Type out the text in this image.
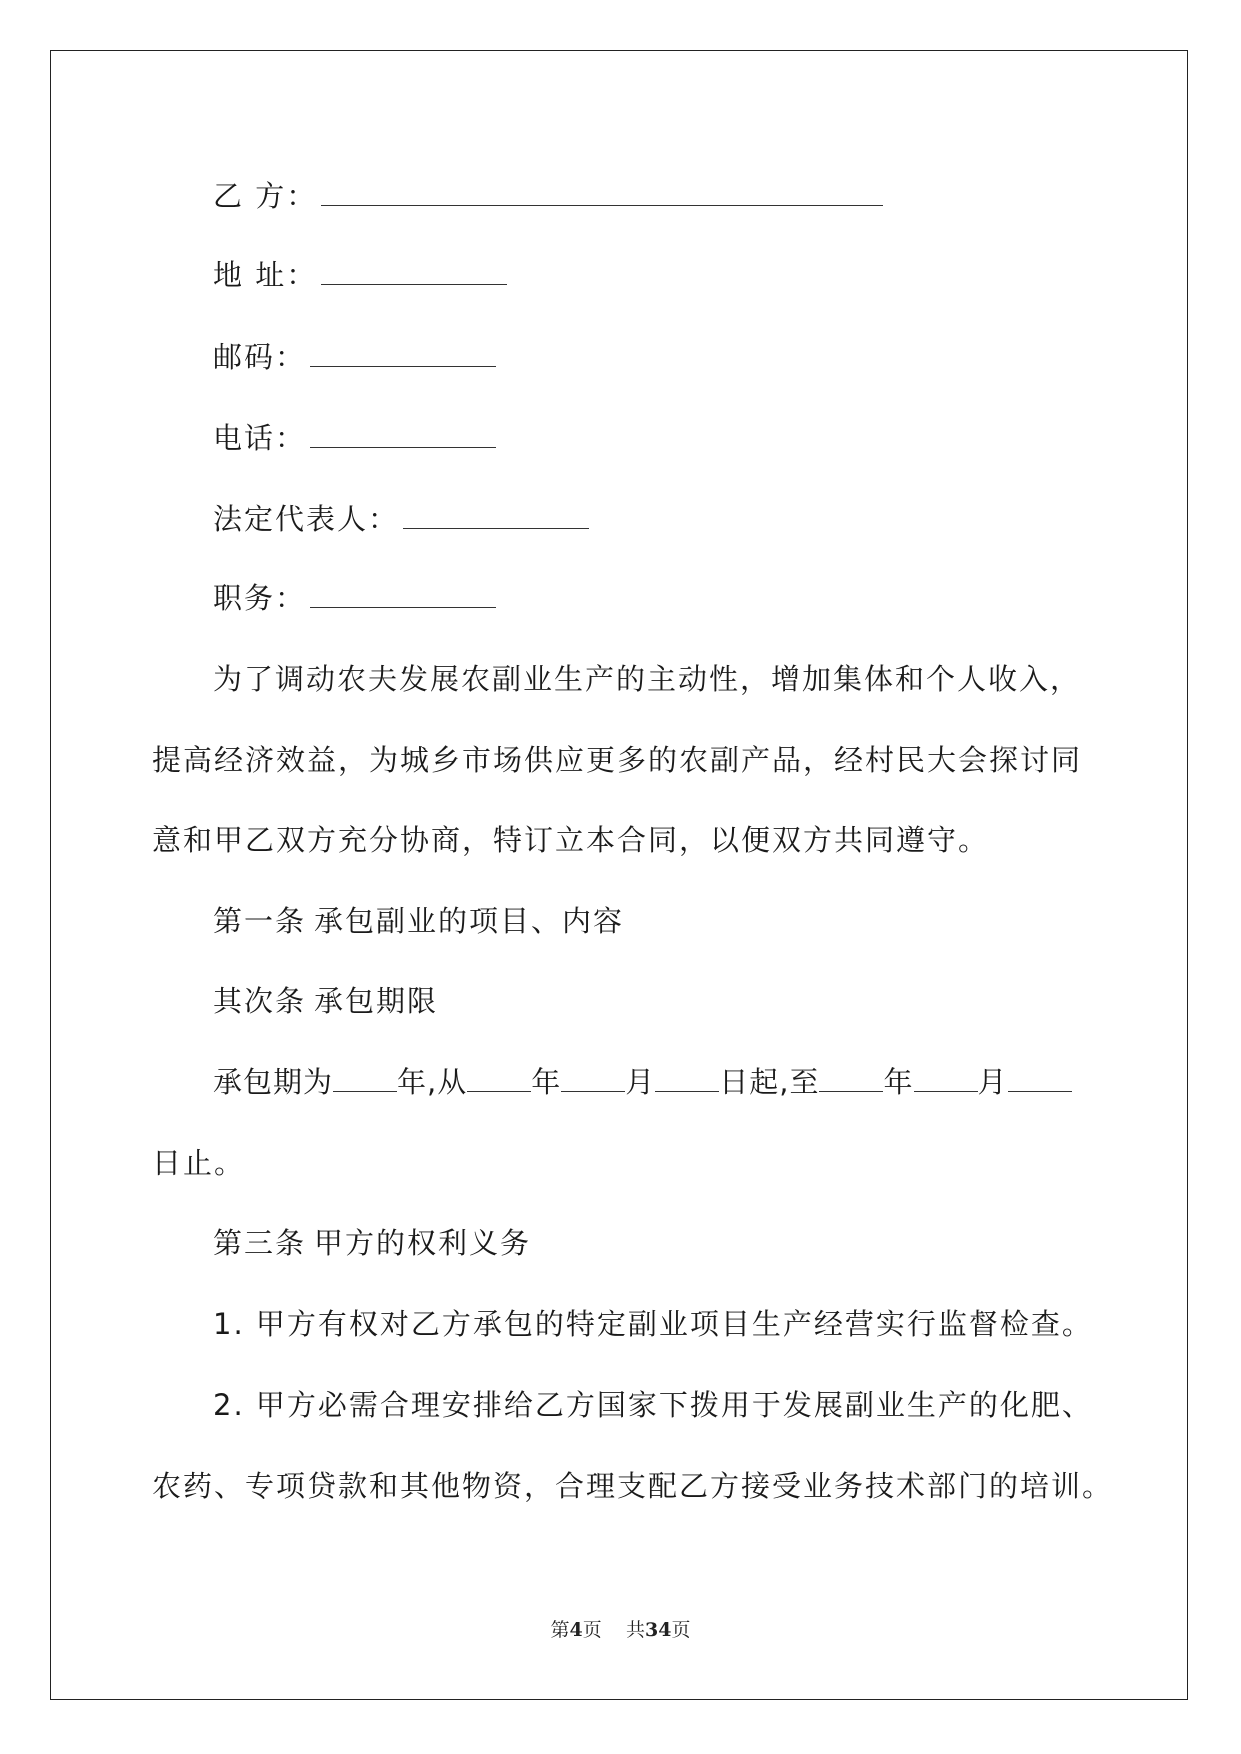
乙 方：
地 址：
邮码：
电话：
法定代表人：
职务：
为了调动农夫发展农副业生产的主动性，增加集体和个人收入，
提高经济效益，为城乡市场供应更多的农副产品，经村民大会探讨同
意和甲乙双方充分协商，特订立本合同，以便双方共同遵守。
第一条 承包副业的项目、内容
其次条 承包期限
承包期为 年,从 年 月 日起,至 年 月
日止。
第三条 甲方的权利义务
1. 甲方有权对乙方承包的特定副业项目生产经营实行监督检查。
2. 甲方必需合理安排给乙方国家下拨用于发展副业生产的化肥、
农药、专项贷款和其他物资，合理支配乙方接受业务技术部门的培训。
第4页 共34页
